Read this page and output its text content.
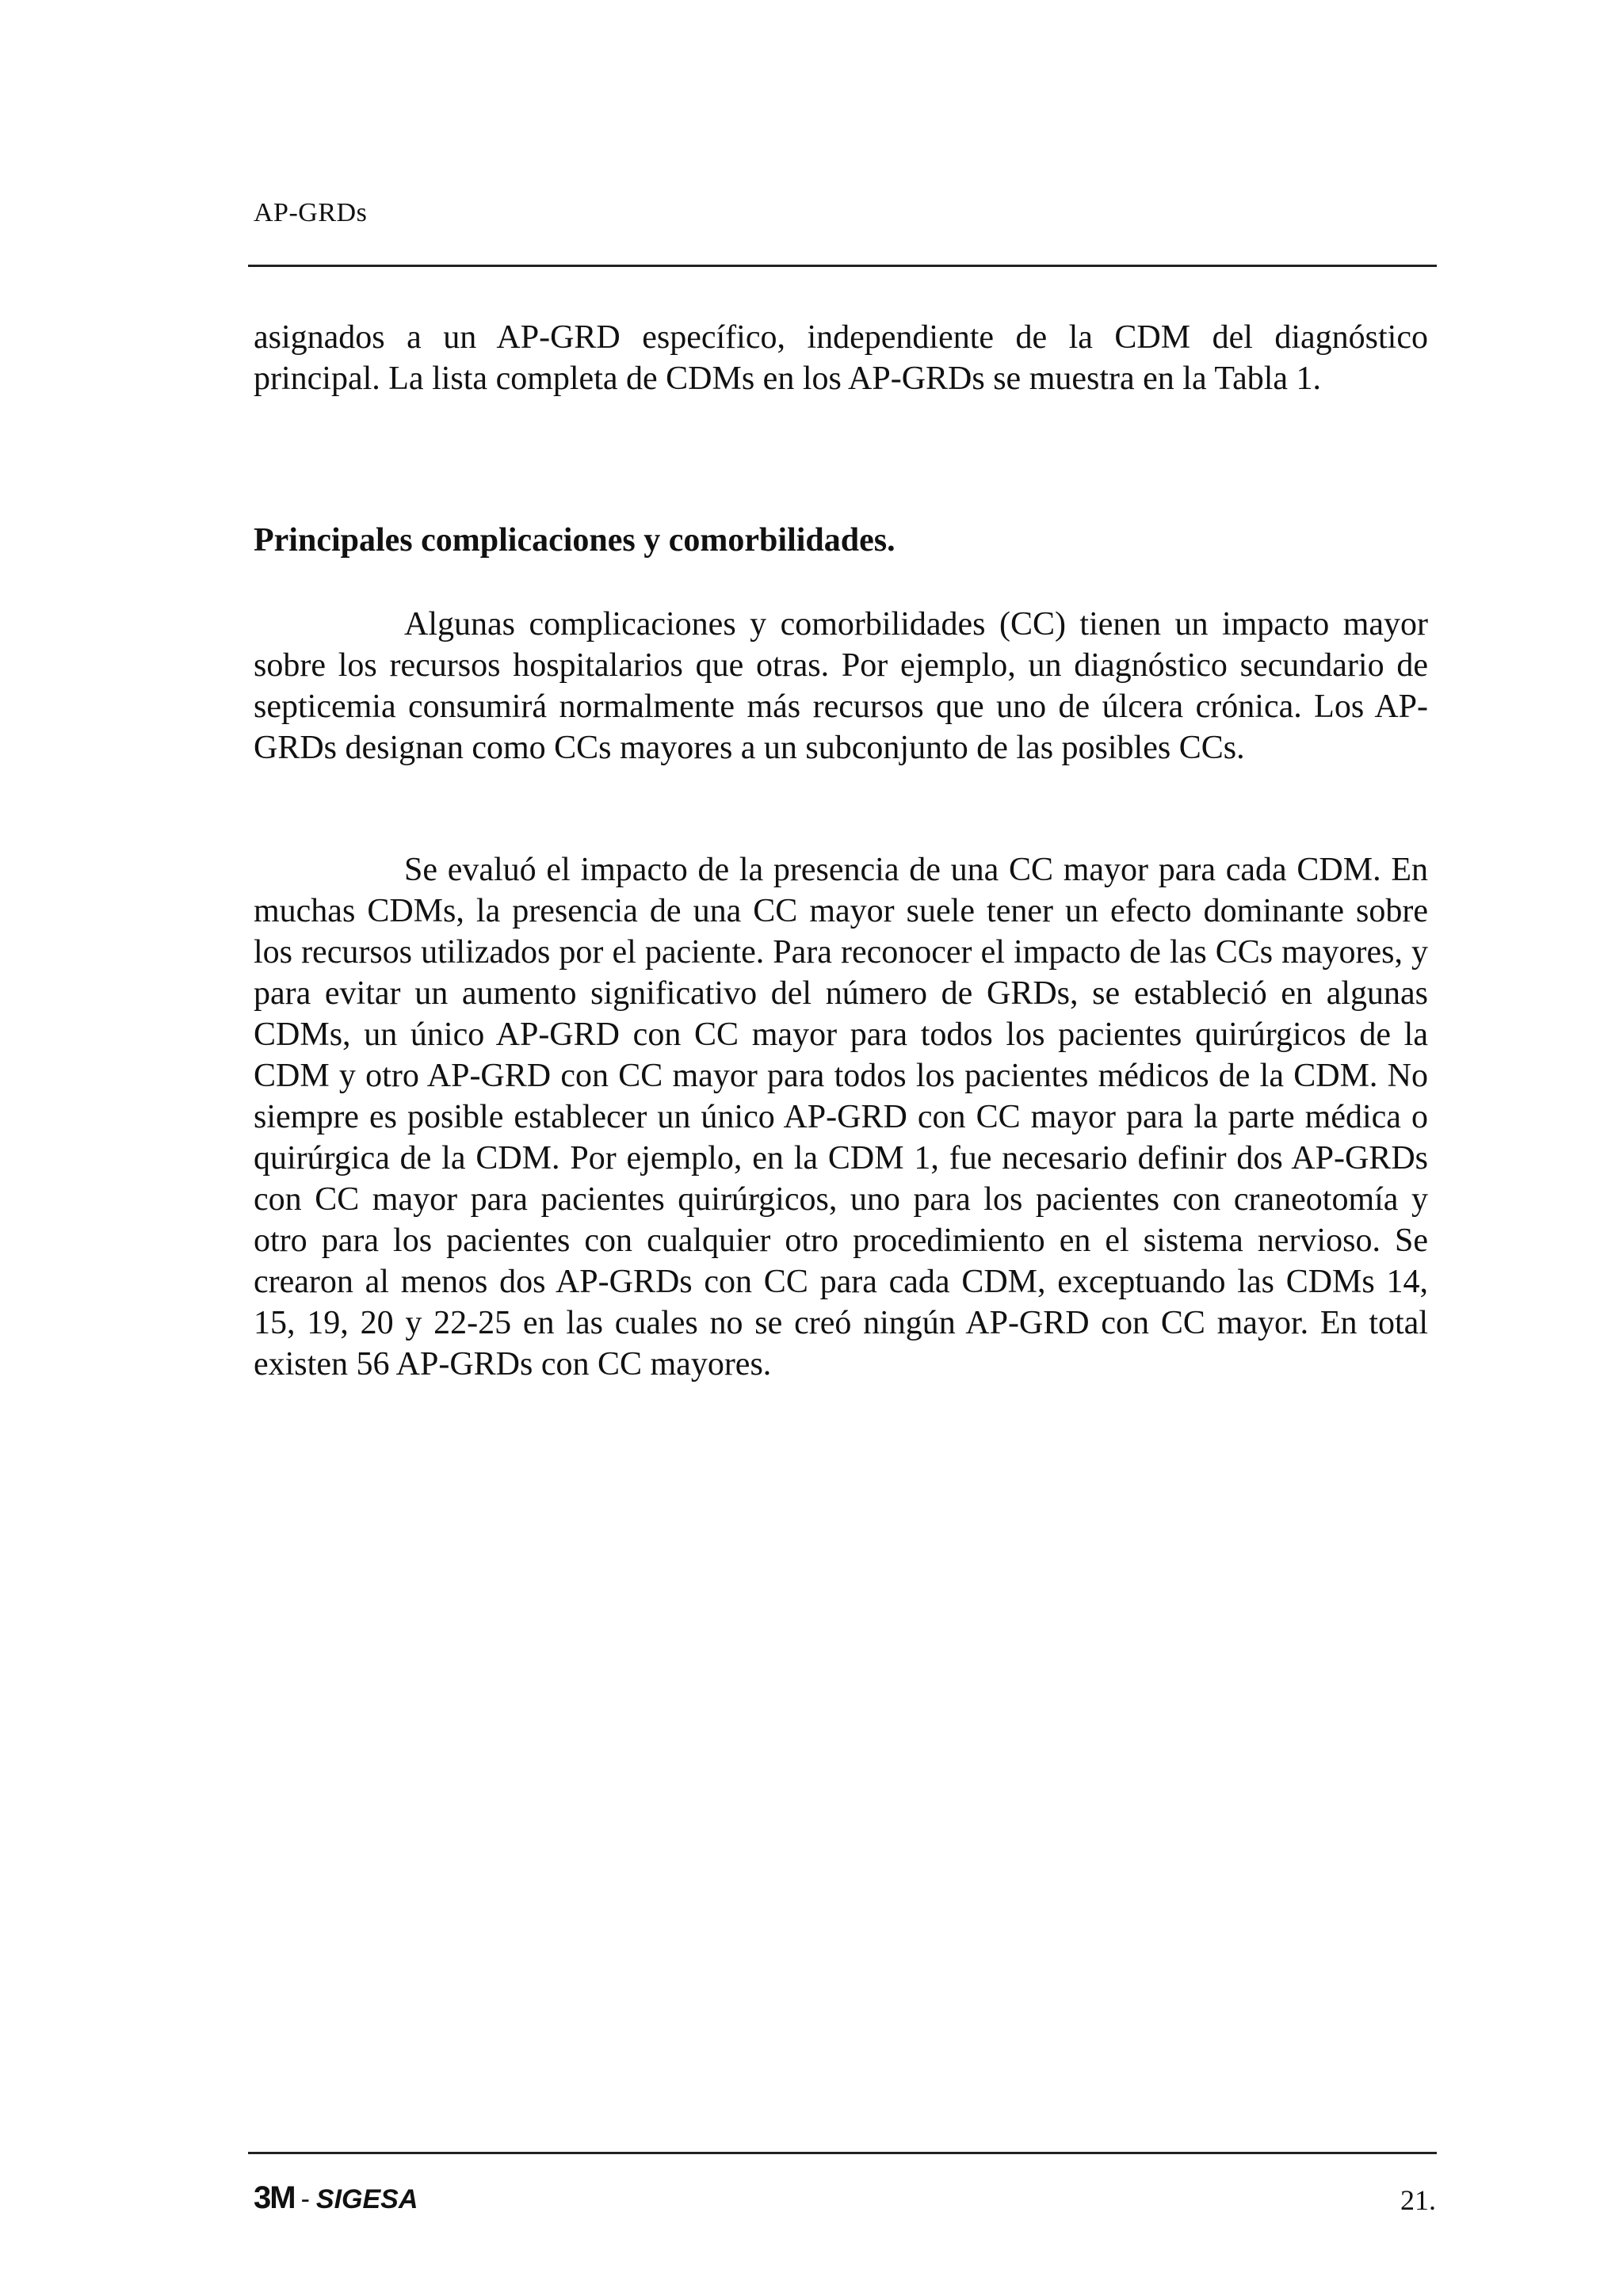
AP-GRDs

asignados a un AP-GRD específico, independiente de la CDM del diagnóstico principal. La lista completa de CDMs en los AP-GRDs se muestra en la Tabla 1.

Principales complicaciones y comorbilidades.

Algunas complicaciones y comorbilidades (CC) tienen un impacto mayor sobre los recursos hospitalarios que otras. Por ejemplo, un diagnóstico secundario de septicemia consumirá normalmente más recursos que uno de úlcera crónica. Los AP-GRDs designan como CCs mayores a un subconjunto de las posibles CCs.

Se evaluó el impacto de la presencia de una CC mayor para cada CDM. En muchas CDMs, la presencia de una CC mayor suele tener un efecto dominante sobre los recursos utilizados por el paciente. Para reconocer el impacto de las CCs mayores, y para evitar un aumento significativo del número de GRDs, se estableció en algunas CDMs, un único AP-GRD con CC mayor para todos los pacientes quirúrgicos de la CDM y otro AP-GRD con CC mayor para todos los pacientes médicos de la CDM. No siempre es posible establecer un único AP-GRD con CC mayor para la parte médica o quirúrgica de la CDM. Por ejemplo, en la CDM 1, fue necesario definir dos AP-GRDs con CC mayor para pacientes quirúrgicos, uno para los pacientes con craneotomía y otro para los pacientes con cualquier otro procedimiento en el sistema nervioso. Se crearon al menos dos AP-GRDs con CC para cada CDM, exceptuando las CDMs 14, 15, 19, 20 y 22-25 en las cuales no se creó ningún AP-GRD con CC mayor. En total existen 56 AP-GRDs con CC mayores.

3M - SIGESA	21.
